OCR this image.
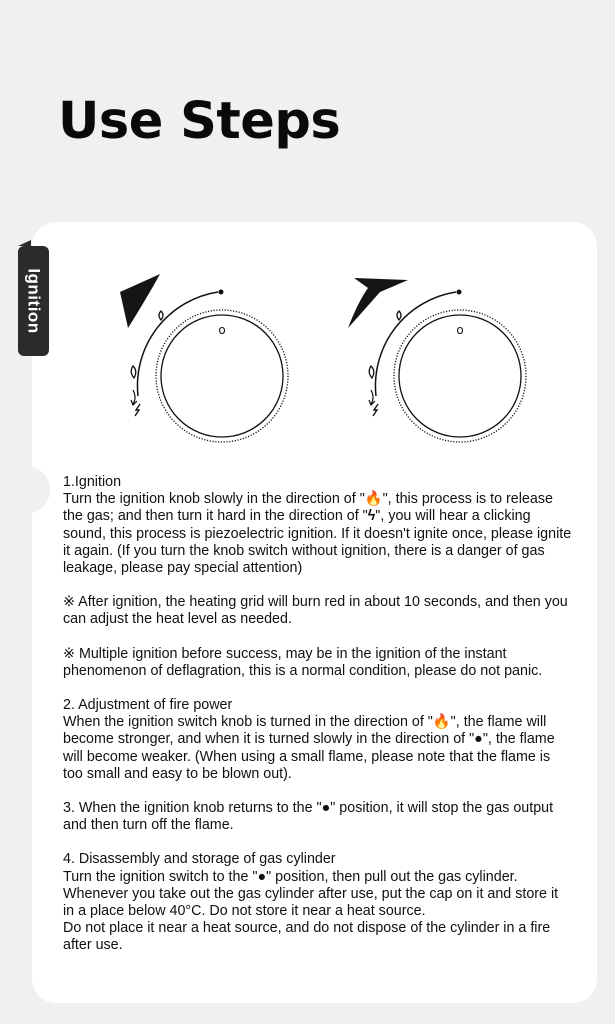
Use Steps
Ignition	o	o

1.Ignition
Turn the ignition knob slowly in the direction of "🔥", this process is to release the gas; and then turn it hard in the direction of "ϟ", you will hear a clicking sound, this process is piezoelectric ignition. If it doesn't ignite once, please ignite it again. (If you turn the knob switch without ignition, there is a danger of gas leakage, please pay special attention)

※ After ignition, the heating grid will burn red in about 10 seconds, and then you can adjust the heat level as needed.

※ Multiple ignition before success, may be in the ignition of the instant phenomenon of deflagration, this is a normal condition, please do not panic.

2. Adjustment of fire power
When the ignition switch knob is turned in the direction of "🔥", the flame will become stronger, and when it is turned slowly in the direction of "●", the flame will become weaker. (When using a small flame, please note that the flame is too small and easy to be blown out).

3. When the ignition knob returns to the "●" position, it will stop the gas output and then turn off the flame.

4. Disassembly and storage of gas cylinder
Turn the ignition switch to the "●" position, then pull out the gas cylinder. Whenever you take out the gas cylinder after use, put the cap on it and store it in a place below 40°C. Do not store it near a heat source.
Do not place it near a heat source, and do not dispose of the cylinder in a fire after use.
